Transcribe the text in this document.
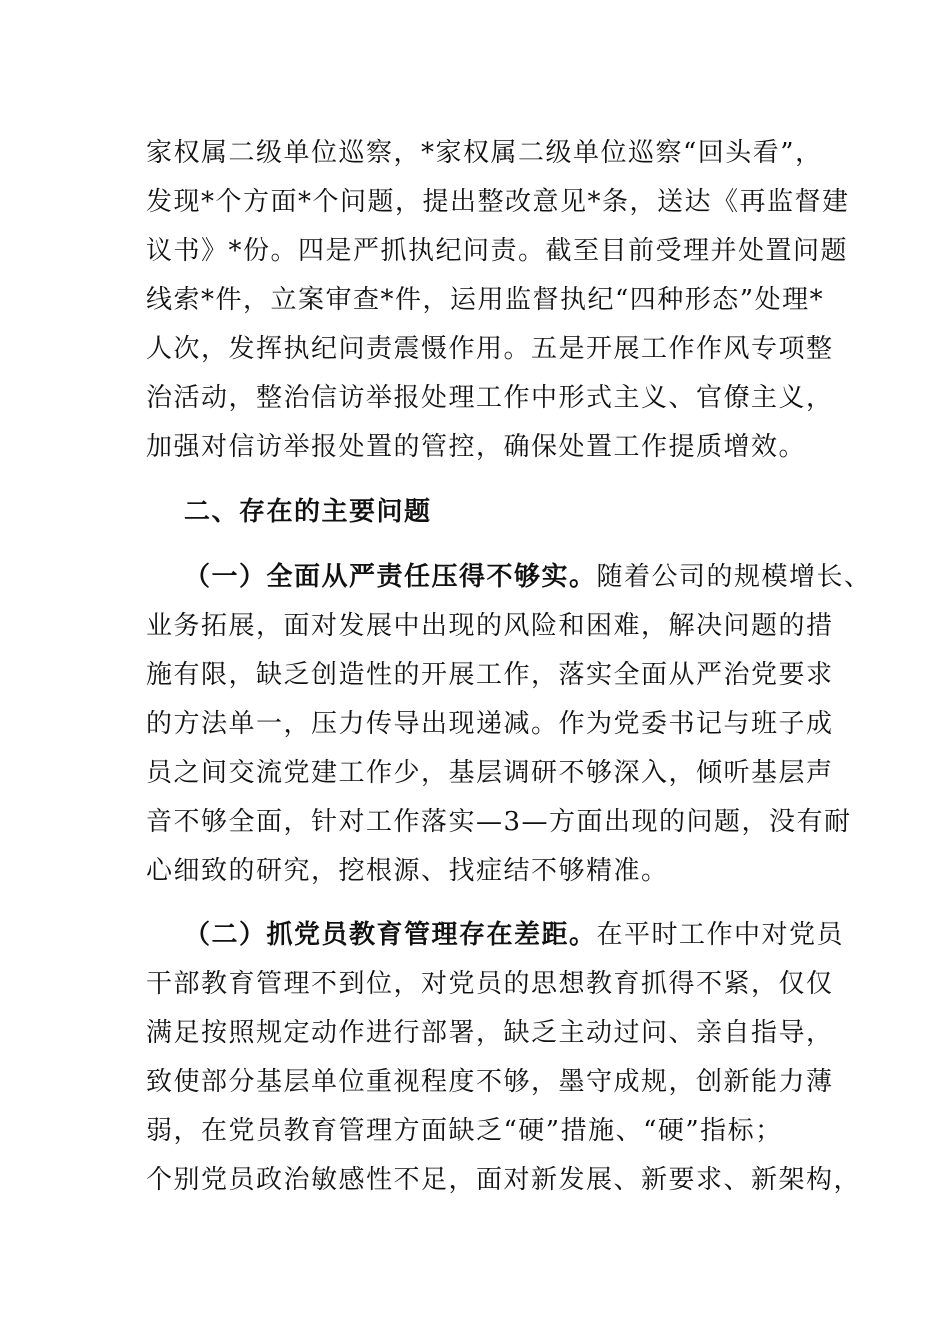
家权属二级单位巡察，*家权属二级单位巡察“回头看”，
发现*个方面*个问题，提出整改意见*条，送达《再监督建
议书》*份。四是严抓执纪问责。截至目前受理并处置问题
线索*件，立案审查*件，运用监督执纪“四种形态”处理*
人次，发挥执纪问责震慑作用。五是开展工作作风专项整
治活动，整治信访举报处理工作中形式主义、官僚主义，
加强对信访举报处置的管控，确保处置工作提质增效。
二、存在的主要问题
（一）全面从严责任压得不够实。随着公司的规模增长、
业务拓展，面对发展中出现的风险和困难，解决问题的措
施有限，缺乏创造性的开展工作，落实全面从严治党要求
的方法单一，压力传导出现递减。作为党委书记与班子成
员之间交流党建工作少，基层调研不够深入，倾听基层声
音不够全面，针对工作落实—3—方面出现的问题，没有耐
心细致的研究，挖根源、找症结不够精准。
（二）抓党员教育管理存在差距。在平时工作中对党员
干部教育管理不到位，对党员的思想教育抓得不紧，仅仅
满足按照规定动作进行部署，缺乏主动过问、亲自指导，
致使部分基层单位重视程度不够，墨守成规，创新能力薄
弱，在党员教育管理方面缺乏“硬”措施、“硬”指标；
个别党员政治敏感性不足，面对新发展、新要求、新架构，
